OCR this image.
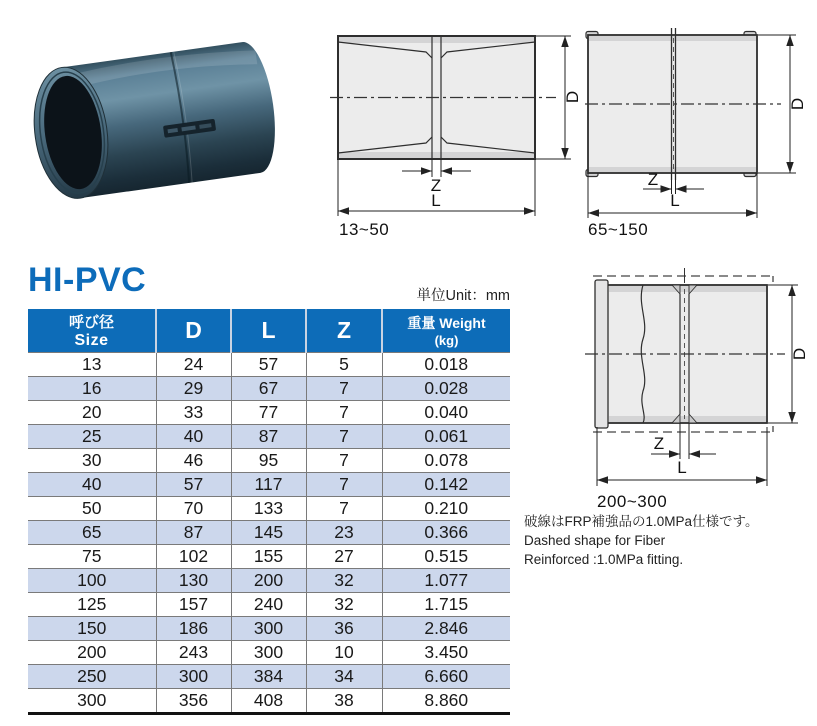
D
Z
L
13~50
D
Z
L
65~150
D
Z
L
200~300
破線はFRP補強品の1.0MPa仕様です。
Dashed shape for Fiber
Reinforced :1.0MPa fitting.
HI-PVC	単位Unit：mm
呼び径
Size	D	L	Z	重量 Weight
(kg)

13	24	57	5	0.018
16	29	67	7	0.028
20	33	77	7	0.040
25	40	87	7	0.061
30	46	95	7	0.078
40	57	117	7	0.142
50	70	133	7	0.210
65	87	145	23	0.366
75	102	155	27	0.515
100	130	200	32	1.077
125	157	240	32	1.715
150	186	300	36	2.846
200	243	300	10	3.450
250	300	384	34	6.660
300	356	408	38	8.860
